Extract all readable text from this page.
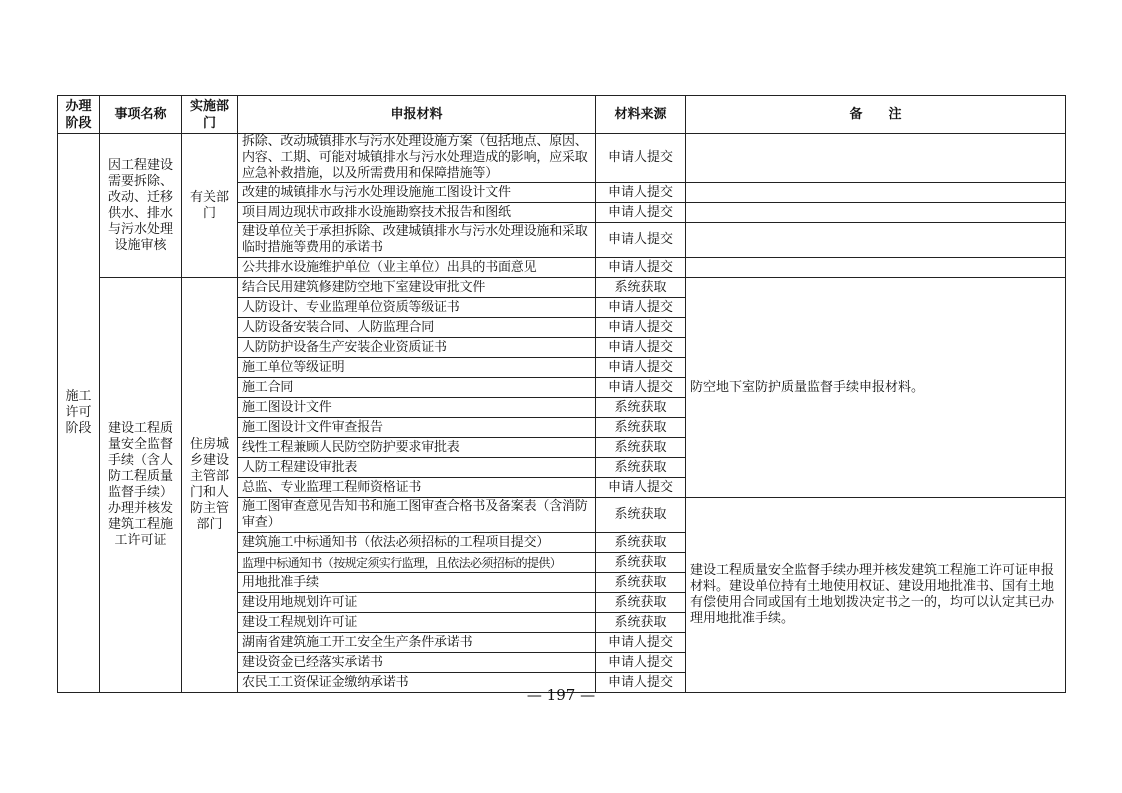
办理阶段	事项名称	实施部门	申报材料	材料来源	备　　注
施工许可阶段	因工程建设需要拆除、改动、迁移供水、排水与污水处理设施审核	有关部门	拆除、改动城镇排水与污水处理设施方案（包括地点、原因、内容、工期、可能对城镇排水与污水处理造成的影响，应采取应急补救措施，以及所需费用和保障措施等）	申请人提交	
			改建的城镇排水与污水处理设施施工图设计文件	申请人提交	
			项目周边现状市政排水设施勘察技术报告和图纸	申请人提交	
			建设单位关于承担拆除、改建城镇排水与污水处理设施和采取临时措施等费用的承诺书	申请人提交	
			公共排水设施维护单位（业主单位）出具的书面意见	申请人提交	
	建设工程质量安全监督手续（含人防工程质量监督手续）办理并核发建筑工程施工许可证	住房城乡建设主管部门和人防主管部门	结合民用建筑修建防空地下室建设审批文件	系统获取	防空地下室防护质量监督手续申报材料。
			人防设计、专业监理单位资质等级证书	申请人提交	
			人防设备安装合同、人防监理合同	申请人提交	
			人防防护设备生产安装企业资质证书	申请人提交	
			施工单位等级证明	申请人提交	
			施工合同	申请人提交	
			施工图设计文件	系统获取	
			施工图设计文件审查报告	系统获取	
			线性工程兼顾人民防空防护要求审批表	系统获取	
			人防工程建设审批表	系统获取	
			总监、专业监理工程师资格证书	申请人提交	
			施工图审查意见告知书和施工图审查合格书及备案表（含消防审查）	系统获取	建设工程质量安全监督手续办理并核发建筑工程施工许可证申报材料。建设单位持有土地使用权证、建设用地批准书、国有土地有偿使用合同或国有土地划拨决定书之一的，均可以认定其已办理用地批准手续。
			建筑施工中标通知书（依法必须招标的工程项目提交）	系统获取	
			监理中标通知书（按规定须实行监理，且依法必须招标的提供）	系统获取	
			用地批准手续	系统获取	
			建设用地规划许可证	系统获取	
			建设工程规划许可证	系统获取	
			湖南省建筑施工开工安全生产条件承诺书	申请人提交	
			建设资金已经落实承诺书	申请人提交	
			农民工工资保证金缴纳承诺书	申请人提交	
— 197 —
